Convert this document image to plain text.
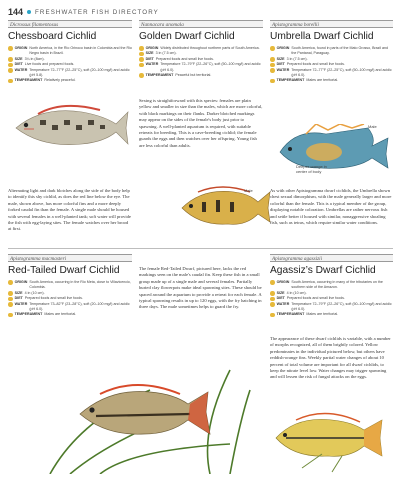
144 FRESHWATER FISH DIRECTORY
Dicrossus filamentosus
Chessboard Cichlid
ORIGIN North America, in the Rio Orinoco basin in Colombia and the Rio Negro basin in Brazil.
SIZE 3¼ in (8cm).
DIET Live foods and prepared foods.
WATER Temperature 72–77°F (22–25°C), soft (20–100 mg/l) and acidic (pH 5.8).
TEMPERAMENT Relatively peaceful.
Nannacara anomala
Golden Dwarf Cichlid
ORIGIN Widely distributed throughout northern parts of South America.
SIZE 3 in (7.5 cm).
DIET Prepared foods and small live foods.
WATER Temperature 72–79°F (22–26°C), soft (50–100 mg/l) and acidic (pH 6.0).
TEMPERAMENT Peaceful but territorial.
Apistogramma borellii
Umbrella Dwarf Cichlid
ORIGIN South America, found in parts of the Mato Grosso, Brazil and the Pantanal, Paraguay.
SIZE 3 in (7.5 cm).
DIET Prepared foods and small live foods.
WATER Temperature 72–77°F (22–25°C), soft (50–100 mg/l) and acidic (pH 6.0).
TEMPERAMENT Males are territorial.
Sexing is straightforward with this species: females are plain yellow and smaller in size than the males, which are more colorful, with black markings on their flanks. Darker blotched markings may appear on the sides of the female's body just prior to spawning. A well-planted aquarium is required, with suitable retreats for breeding. This is a cave-breeding cichlid; the female guards the eggs and then watches over her offspring. Young fish are less colorful than adults.
Male
Deeper orange in center of body
Male
Alternating light and dark blotches along the side of the body help to identify this shy cichlid, as does the red line below the eye. The male, shown above, has more colorful fins and a more deeply forked caudal fin than the female. A single male should be housed with several females in a well-planted tank; soft water will provide the fish with egg-laying sites. The female watches over her brood at first.
As with other Apistogramma dwarf cichlids, the Umbrella shown chest sexual dimorphism, with the male generally larger and more colorful than the female. This is a typical member of the group, displaying notable coloration. Umbrellas are rather nervous fish and settle better if housed with similar, nonaggressive shoaling fish, such as tetras, which require similar water conditions.
Apistogramma macmasteri
Red-Tailed Dwarf Cichlid
ORIGIN South America, occurring in the Rio Meta, close to Villavicencio, Colombia.
SIZE 4 in (10 cm).
DIET Prepared foods and small live foods.
WATER Temperature 73–82°F (23–28°C), soft (20–100 mg/l) and acidic (pH 6.0).
TEMPERAMENT Males are territorial.
The female Red-Tailed Dwarf, pictured here, lacks the red markings seen on the male's caudal fin. Keep these fish in a small group made up of a single male and several females. Partially buried clay flowerpots make ideal spawning sites. These should be spaced around the aquarium to provide a retreat for each female. A typical spawning results in up to 120 eggs, with the fry hatching in three days. The male sometimes helps to guard the fry.
Apistogramma agassizii
Agassiz’s Dwarf Cichlid
ORIGIN South America, occurring in many of the tributaries on the southern side of the Amazon.
SIZE 4 in (10 cm).
DIET Prepared foods and small live foods.
WATER Temperature 72–79°F (22–26°C), soft (50–100 mg/l) and acidic (pH 6.0).
TEMPERAMENT Males are territorial.
The appearance of these dwarf cichlids is variable, with a number of morphs recognized, all of them brightly colored. Yellow predominates in the individual pictured below, but others have reddish-orange fins. Weekly partial water changes of about 10 percent of total volume are important for all dwarf cichlids, to keep the nitrate level low. Water changes may trigger spawning and will lessen the risk of fungal attacks on the eggs.
